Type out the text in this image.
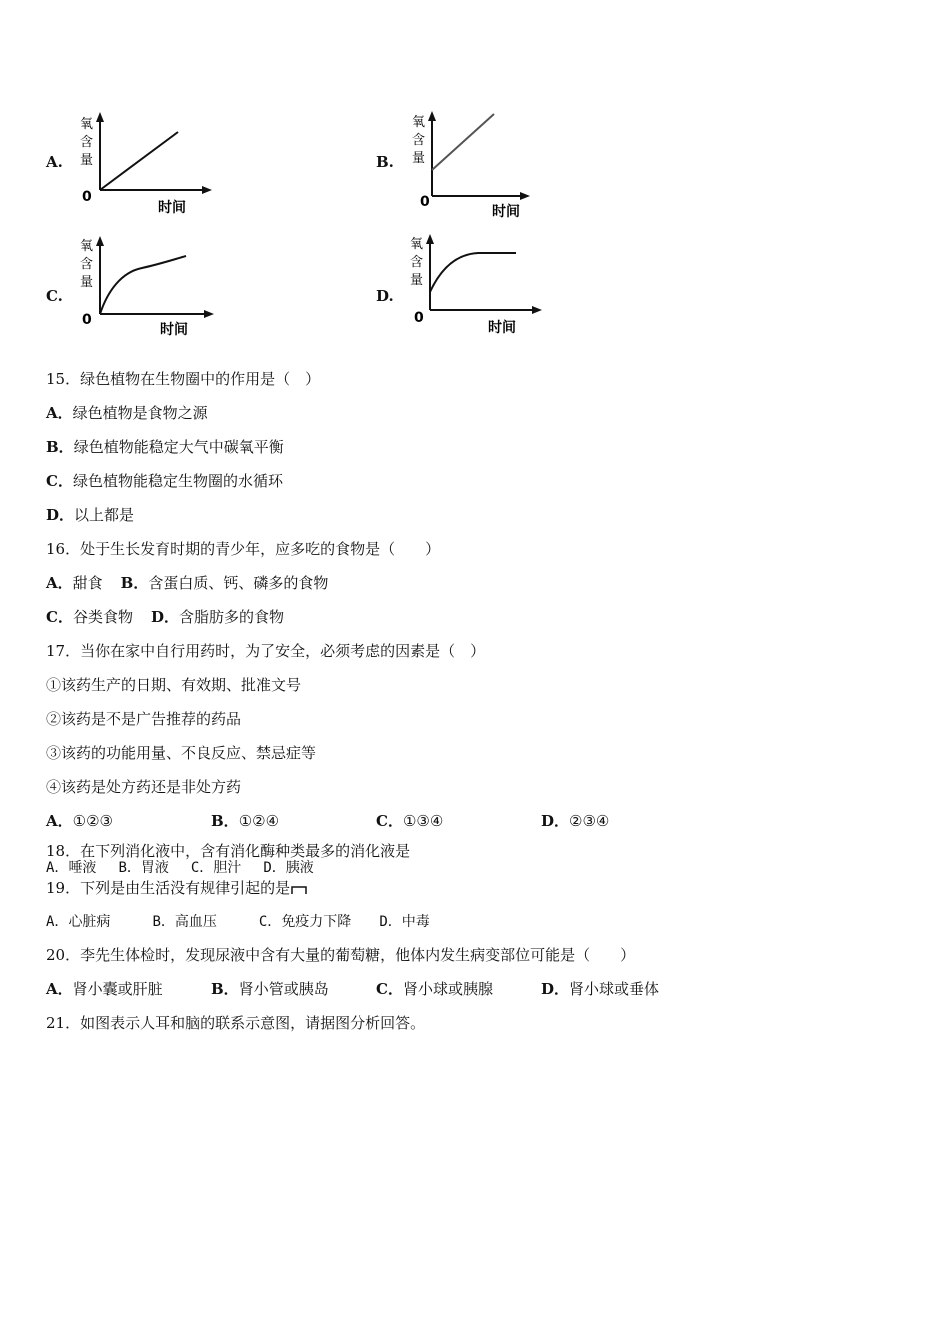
A.
氧
含
量
0
时间
B.
氧
含
量
0
时间
C.
氧
含
量
0
时间
D.
氧
含
量
0
时间
15．绿色植物在生物圈中的作用是（　）
A．绿色植物是食物之源
B．绿色植物能稳定大气中碳氧平衡
C．绿色植物能稳定生物圈的水循环
D．以上都是
16．处于生长发育时期的青少年，应多吃的食物是（　　）
A．甜食 B．含蛋白质、钙、磷多的食物
C．谷类食物 D．含脂肪多的食物
17．当你在家中自行用药时，为了安全，必须考虑的因素是（　）
①该药生产的日期、有效期、批准文号
②该药是不是广告推荐的药品
③该药的功能用量、不良反应、禁忌症等
④该药是处方药还是非处方药
A．①②③	B．①②④	C．①③④	D．②③④
18．在下列消化液中，含有消化酶种类最多的消化液是
A．唾液 B．胃液 C．胆汁 D．胰液
19．下列是由生活没有规律引起的是
A．心脏病	B．高血压	C．免疫力下降 D．中毒
20．李先生体检时，发现尿液中含有大量的葡萄糖，他体内发生病变部位可能是（　　）
A．肾小囊或肝脏	B．肾小管或胰岛	C．肾小球或胰腺	D．肾小球或垂体
21．如图表示人耳和脑的联系示意图，请据图分析回答。
